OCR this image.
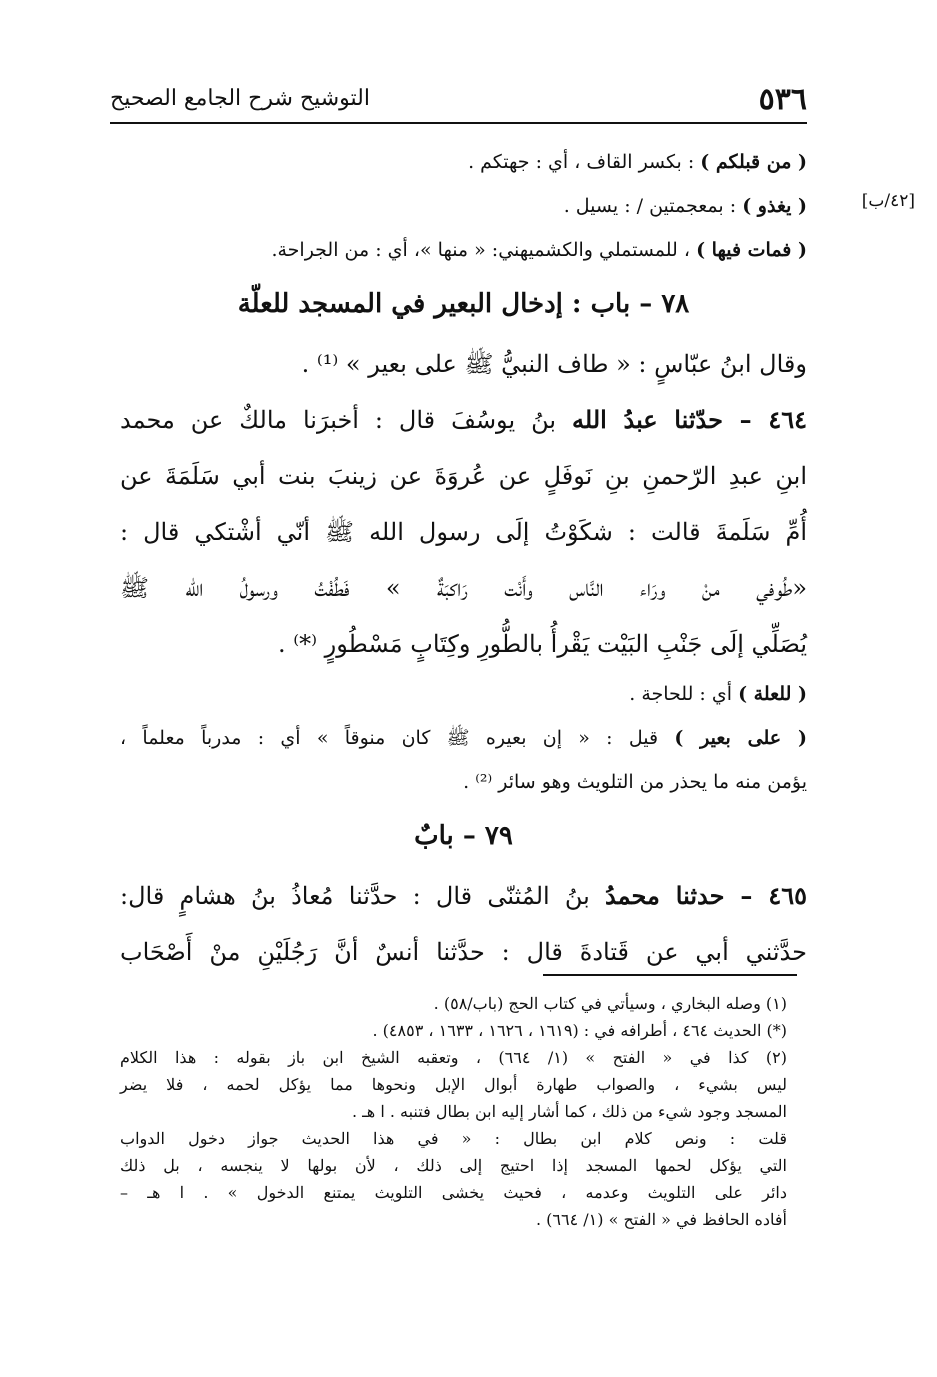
٥٣٦
التوشيح شرح الجامع الصحيح
[٤٢/ب]

( من قبلكم ) : بكسر القاف ، أي : جهتكم .

( يغذو ) : بمعجمتين / : يسيل .

( فمات فيها ) ، للمستملي والكشميهني: « منها »، أي : من الجراحة.

٧٨ – باب : إدخال البعير في المسجد للعلّة

وقال ابنُ عبّاسٍ : « طاف النبيُّ ﷺ على بعير » ⁽¹⁾ .

٤٦٤ – حدّثنا عبدُ الله بنُ يوسُفَ قال : أخبرَنا مالكٌ عن محمد

ابنِ عبدِ الرّحمنِ بنِ نَوفَلٍ عن عُروَةَ عن زينبَ بنت أبي سَلَمَةَ عن

أُمِّ سَلَمةَ قالت : شكَوْتُ إلَى رسول الله ﷺ أنّي أشْتكي قال :

«طُوفي منْ ورَاء النَّاس وأَنْت رَاكبَةٌ » فَطُفْتُ ورسولُ الله ﷺ

يُصَلِّي إلَى جَنْبِ البَيْت يَقْرأُ بالطُّورِ وكِتَابٍ مَسْطُورٍ ⁽*⁾ .

( للعلة ) أي : للحاجة .

( على بعير ) قيل : « إن بعيره ﷺ كان منوقاً » أي : مدرباً معلماً ،

يؤمن منه ما يحذر من التلويث وهو سائر ⁽²⁾ .

٧٩ – بابٌ

٤٦٥ – حدثنا محمدُ بنُ المُثنّى قال : حدَّثنا مُعاذُ بنُ هشامٍ قال:

حدَّثني أبي عن قَتادةَ قال : حدَّثنا أنسٌ أنَّ رَجُلَيْنِ منْ أَصْحَاب

(١) وصله البخاري ، وسيأتي في كتاب الحج (باب/٥٨) .

(*) الحديث ٤٦٤ ، أطرافه في : (١٦١٩ ، ١٦٢٦ ، ١٦٣٣ ، ٤٨٥٣) .

(٢) كذا في « الفتح » (١/ ٦٦٤) ، وتعقبه الشيخ ابن باز بقوله : هذا الكلام

ليس بشيء ، والصواب طهارة أبوال الإبل ونحوها مما يؤكل لحمه ، فلا يضر

المسجد وجود شيء من ذلك ، كما أشار إليه ابن بطال فتنبه . ا هـ .

قلت : ونص كلام ابن بطال : « في هذا الحديث جواز دخول الدواب

التي يؤكل لحمها المسجد إذا احتيج إلى ذلك ، لأن بولها لا ينجسه ، بل ذلك

دائر على التلويث وعدمه ، فحيث يخشى التلويث يمتنع الدخول » . ا هـ –

أفاده الحافظ في « الفتح » (١/ ٦٦٤) .
